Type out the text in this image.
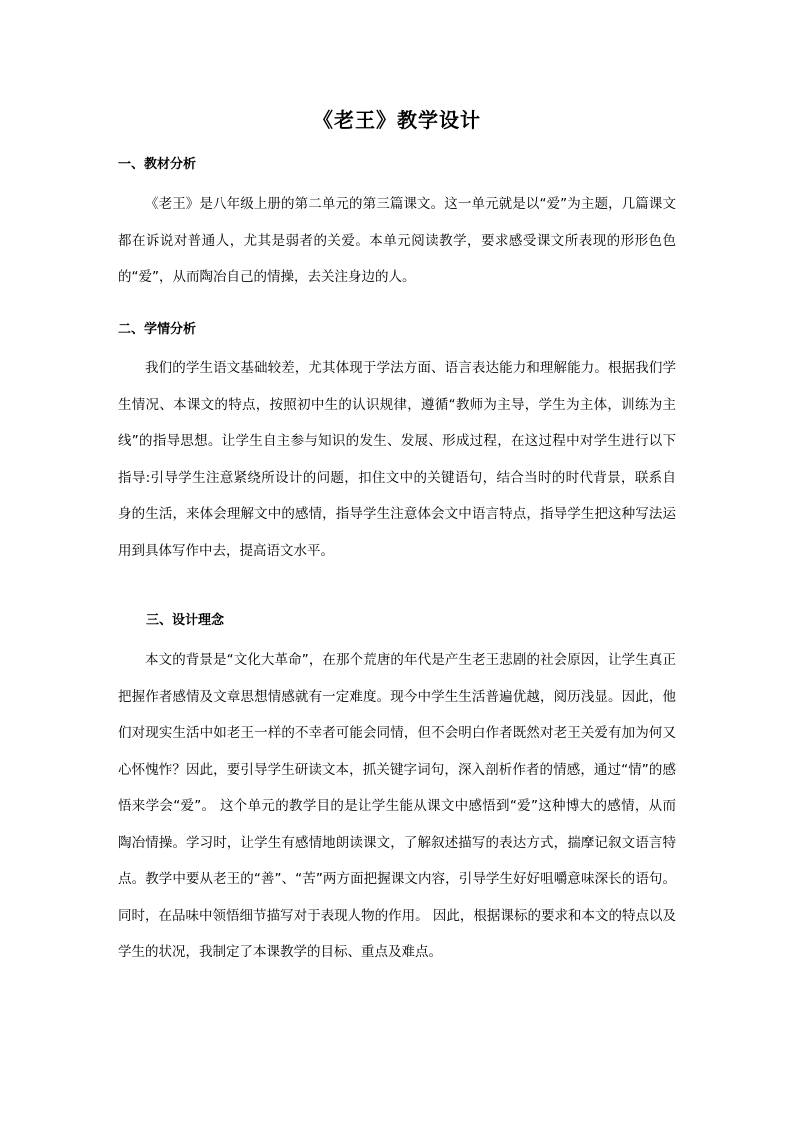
《老王》教学设计
一、教材分析

《老王》是八年级上册的第二单元的第三篇课文。这一单元就是以“爱”为主题，几篇课文都在诉说对普通人，尤其是弱者的关爱。本单元阅读教学，要求感受课文所表现的形形色色的“爱”，从而陶冶自己的情操，去关注身边的人。

二、学情分析

我们的学生语文基础较差，尤其体现于学法方面、语言表达能力和理解能力。根据我们学生情况、本课文的特点，按照初中生的认识规律，遵循“教师为主导，学生为主体，训练为主线”的指导思想。让学生自主参与知识的发生、发展、形成过程，在这过程中对学生进行以下指导:引导学生注意紧绕所设计的问题，扣住文中的关键语句，结合当时的时代背景，联系自身的生活，来体会理解文中的感情，指导学生注意体会文中语言特点，指导学生把这种写法运用到具体写作中去，提高语文水平。

三、设计理念

本文的背景是“文化大革命”，在那个荒唐的年代是产生老王悲剧的社会原因，让学生真正把握作者感情及文章思想情感就有一定难度。现今中学生生活普遍优越，阅历浅显。因此，他们对现实生活中如老王一样的不幸者可能会同情，但不会明白作者既然对老王关爱有加为何又心怀愧怍？因此，要引导学生研读文本，抓关键字词句，深入剖析作者的情感，通过“情”的感悟来学会“爱”。 这个单元的教学目的是让学生能从课文中感悟到“爱”这种博大的感情，从而陶冶情操。学习时，让学生有感情地朗读课文，了解叙述描写的表达方式，揣摩记叙文语言特点。教学中要从老王的“善”、“苦”两方面把握课文内容，引导学生好好咀嚼意味深长的语句。同时，在品味中领悟细节描写对于表现人物的作用。 因此，根据课标的要求和本文的特点以及学生的状况，我制定了本课教学的目标、重点及难点。
